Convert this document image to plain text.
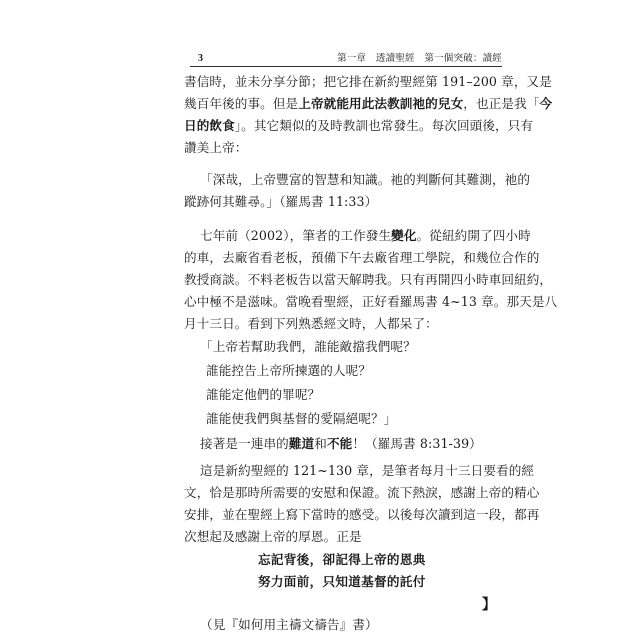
3	第一章　透讀聖經　第一個突破：讀經
書信時，並未分享分節；把它排在新約聖經第 191–200 章，又是
幾百年後的事。但是上帝就能用此法教訓祂的兒女，也正是我「今
日的飲食」。其它類似的及時教訓也常發生。每次回頭後，只有
讚美上帝：
「深哉，上帝豐富的智慧和知識。祂的判斷何其難測，祂的
蹤跡何其難尋。」（羅馬書 11:33）
七年前（2002），筆者的工作發生變化。從紐約開了四小時
的車，去廠省看老板，預備下午去廠省理工學院，和幾位合作的
教授商談。不料老板告以當天解聘我。只有再開四小時車回紐約，
心中極不是滋味。當晚看聖經，正好看羅馬書 4~13 章。那天是八
月十三日。看到下列熟悉經文時，人都呆了：
「上帝若幫助我們，誰能敵擋我們呢？
誰能控告上帝所揀選的人呢？
誰能定他們的罪呢？
誰能使我們與基督的愛隔絕呢？」
接著是一連串的難道和不能！（羅馬書 8:31-39）
這是新約聖經的 121~130 章，是筆者每月十三日要看的經
文，恰是那時所需要的安慰和保證。流下熱淚，感謝上帝的精心
安排，並在聖經上寫下當時的感受。以後每次讀到這一段，都再
次想起及感謝上帝的厚恩。正是
忘記背後，卻記得上帝的恩典
努力面前，只知道基督的託付
】
（見『如何用主禱文禱告』書）
